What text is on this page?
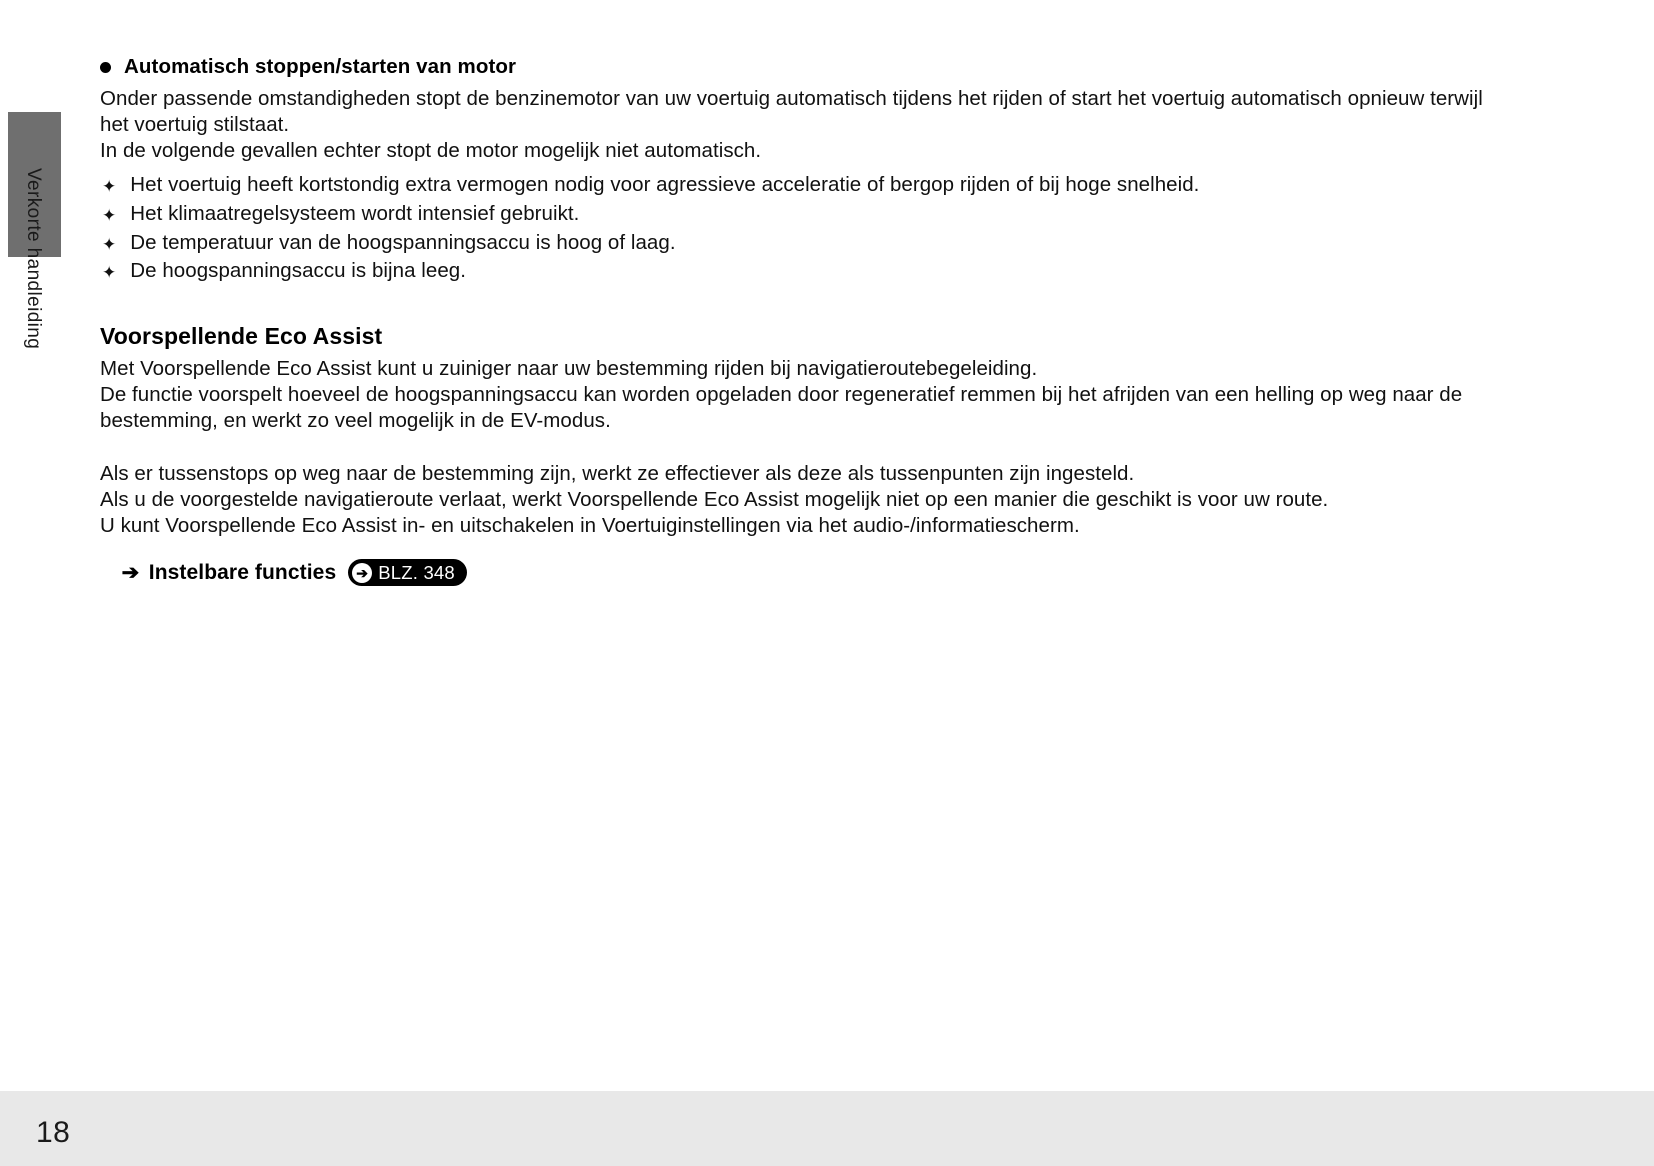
Verkorte handleiding
Automatisch stoppen/starten van motor

Onder passende omstandigheden stopt de benzinemotor van uw voertuig automatisch tijdens het rijden of start het voertuig automatisch opnieuw terwijl het voertuig stilstaat.

In de volgende gevallen echter stopt de motor mogelijk niet automatisch.

✦ Het voertuig heeft kortstondig extra vermogen nodig voor agressieve acceleratie of bergop rijden of bij hoge snelheid.
✦ Het klimaatregelsysteem wordt intensief gebruikt.
✦ De temperatuur van de hoogspanningsaccu is hoog of laag.
✦ De hoogspanningsaccu is bijna leeg.
Voorspellende Eco Assist

Met Voorspellende Eco Assist kunt u zuiniger naar uw bestemming rijden bij navigatieroutebegeleiding.

De functie voorspelt hoeveel de hoogspanningsaccu kan worden opgeladen door regeneratief remmen bij het afrijden van een helling op weg naar de bestemming, en werkt zo veel mogelijk in de EV-modus.

Als er tussenstops op weg naar de bestemming zijn, werkt ze effectiever als deze als tussenpunten zijn ingesteld.

Als u de voorgestelde navigatieroute verlaat, werkt Voorspellende Eco Assist mogelijk niet op een manier die geschikt is voor uw route.

U kunt Voorspellende Eco Assist in- en uitschakelen in Voertuiginstellingen via het audio-/informatiescherm.

➔ Instelbare functies ➔ BLZ. 348
18
